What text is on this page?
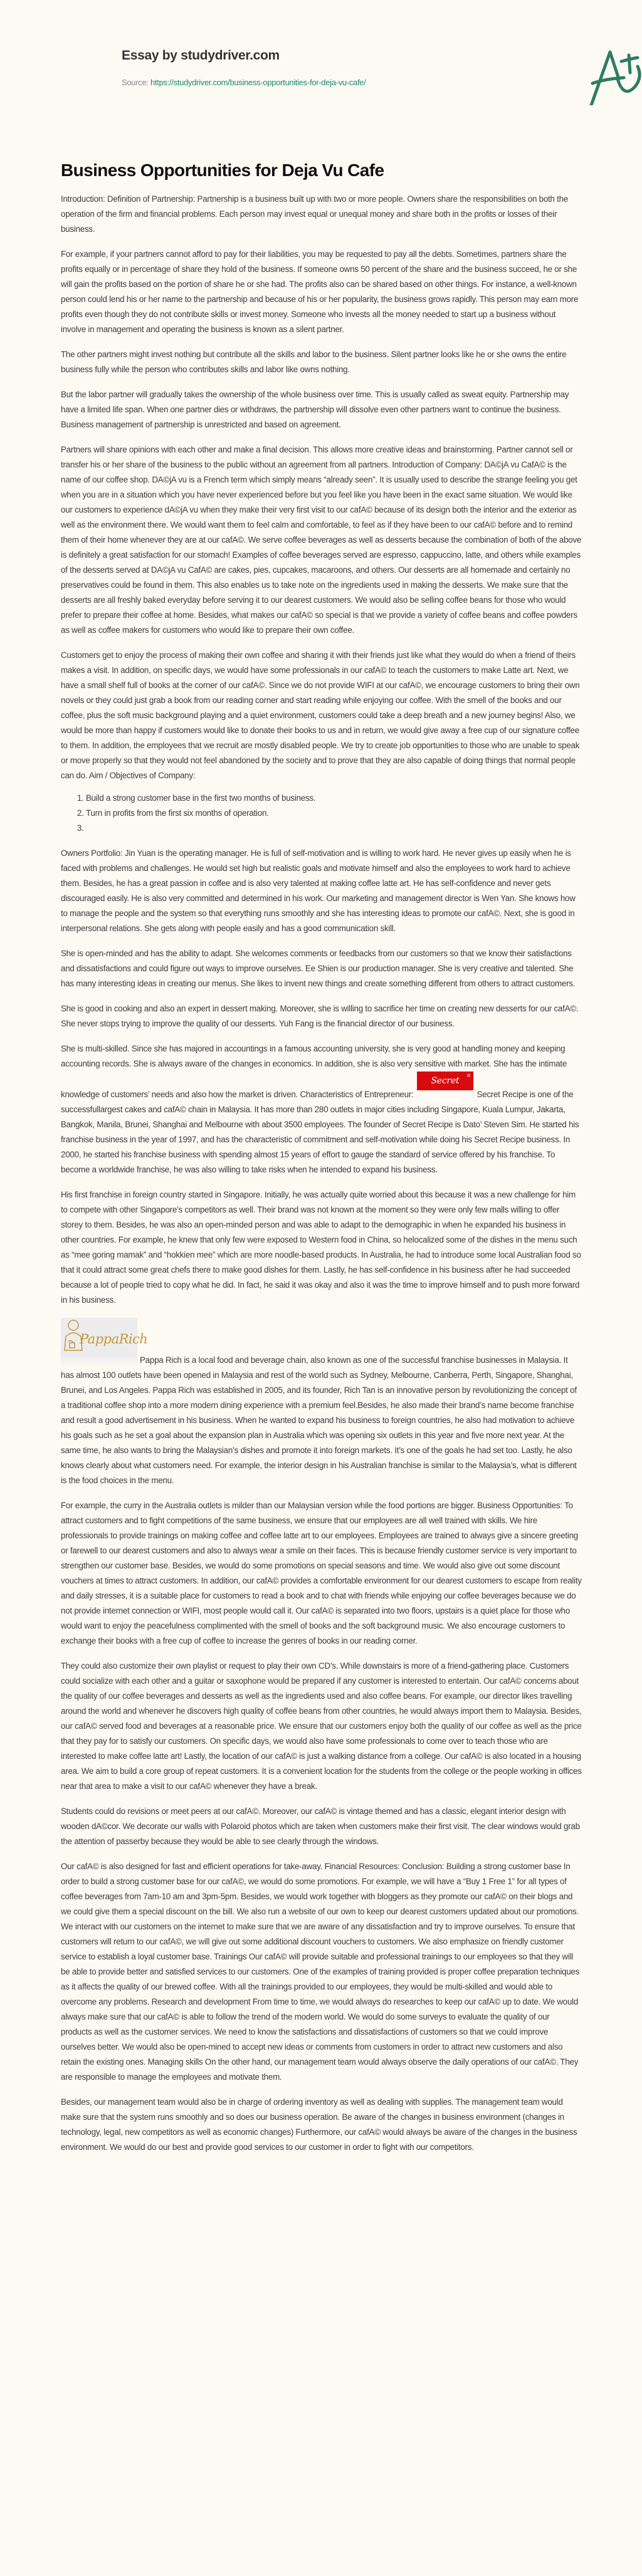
Essay by studydriver.com
Source: https://studydriver.com/business-opportunities-for-deja-vu-cafe/
Business Opportunities for Deja Vu Cafe

Introduction: Definition of Partnership: Partnership is a business built up with two or more people. Owners share the responsibilities on both the operation of the firm and financial problems. Each person may invest equal or unequal money and share both in the profits or losses of their business.

For example, if your partners cannot afford to pay for their liabilities, you may be requested to pay all the debts. Sometimes, partners share the profits equally or in percentage of share they hold of the business. If someone owns 50 percent of the share and the business succeed, he or she will gain the profits based on the portion of share he or she had. The profits also can be shared based on other things. For instance, a well-known person could lend his or her name to the partnership and because of his or her popularity, the business grows rapidly. This person may earn more profits even though they do not contribute skills or invest money. Someone who invests all the money needed to start up a business without involve in management and operating the business is known as a silent partner.

The other partners might invest nothing but contribute all the skills and labor to the business. Silent partner looks like he or she owns the entire business fully while the person who contributes skills and labor like owns nothing.

But the labor partner will gradually takes the ownership of the whole business over time. This is usually called as sweat equity. Partnership may have a limited life span. When one partner dies or withdraws, the partnership will dissolve even other partners want to continue the business. Business management of partnership is unrestricted and based on agreement.

Partners will share opinions with each other and make a final decision. This allows more creative ideas and brainstorming. Partner cannot sell or transfer his or her share of the business to the public without an agreement from all partners. Introduction of Company: DA©jA vu CafA© is the name of our coffee shop. DA©jA vu is a French term which simply means “already seen”. It is usually used to describe the strange feeling you get when you are in a situation which you have never experienced before but you feel like you have been in the exact same situation. We would like our customers to experience dA©jA vu when they make their very first visit to our cafA© because of its design both the interior and the exterior as well as the environment there. We would want them to feel calm and comfortable, to feel as if they have been to our cafA© before and to remind them of their home whenever they are at our cafA©. We serve coffee beverages as well as desserts because the combination of both of the above is definitely a great satisfaction for our stomach! Examples of coffee beverages served are espresso, cappuccino, latte, and others while examples of the desserts served at DA©jA vu CafA© are cakes, pies, cupcakes, macaroons, and others. Our desserts are all homemade and certainly no preservatives could be found in them. This also enables us to take note on the ingredients used in making the desserts. We make sure that the desserts are all freshly baked everyday before serving it to our dearest customers. We would also be selling coffee beans for those who would prefer to prepare their coffee at home. Besides, what makes our cafA© so special is that we provide a variety of coffee beans and coffee powders as well as coffee makers for customers who would like to prepare their own coffee.

Customers get to enjoy the process of making their own coffee and sharing it with their friends just like what they would do when a friend of theirs makes a visit. In addition, on specific days, we would have some professionals in our cafA© to teach the customers to make Latte art. Next, we have a small shelf full of books at the corner of our cafA©. Since we do not provide WIFI at our cafA©, we encourage customers to bring their own novels or they could just grab a book from our reading corner and start reading while enjoying our coffee. With the smell of the books and our coffee, plus the soft music background playing and a quiet environment, customers could take a deep breath and a new journey begins! Also, we would be more than happy if customers would like to donate their books to us and in return, we would give away a free cup of our signature coffee to them. In addition, the employees that we recruit are mostly disabled people. We try to create job opportunities to those who are unable to speak or move properly so that they would not feel abandoned by the society and to prove that they are also capable of doing things that normal people can do. Aim / Objectives of Company:

1. Build a strong customer base in the first two months of business.
2. Turn in profits from the first six months of operation.
3.

Owners Portfolio: Jin Yuan is the operating manager. He is full of self-motivation and is willing to work hard. He never gives up easily when he is faced with problems and challenges. He would set high but realistic goals and motivate himself and also the employees to work hard to achieve them. Besides, he has a great passion in coffee and is also very talented at making coffee latte art. He has self-confidence and never gets discouraged easily. He is also very committed and determined in his work. Our marketing and management director is Wen Yan. She knows how to manage the people and the system so that everything runs smoothly and she has interesting ideas to promote our cafA©. Next, she is good in interpersonal relations. She gets along with people easily and has a good communication skill.

She is open-minded and has the ability to adapt. She welcomes comments or feedbacks from our customers so that we know their satisfactions and dissatisfactions and could figure out ways to improve ourselves. Ee Shien is our production manager. She is very creative and talented. She has many interesting ideas in creating our menus. She likes to invent new things and create something different from others to attract customers.

She is good in cooking and also an expert in dessert making. Moreover, she is willing to sacrifice her time on creating new desserts for our cafA©. She never stops trying to improve the quality of our desserts. Yuh Fang is the financial director of our business.

She is multi-skilled. Since she has majored in accountings in a famous accounting university, she is very good at handling money and keeping accounting records. She is always aware of the changes in economics. In addition, she is also very sensitive with market. She has the intimate knowledge of customers’ needs and also how the market is driven. Characteristics of Entrepreneur: Secret Recipe
®
Secret Recipe is one of the successfullargest cakes and cafA© chain in Malaysia. It has more than 280 outlets in major cities including Singapore, Kuala Lumpur, Jakarta, Bangkok, Manila, Brunei, Shanghai and Melbourne with about 3500 employees. The founder of Secret Recipe is Dato’ Steven Sim. He started his franchise business in the year of 1997, and has the characteristic of commitment and self-motivation while doing his Secret Recipe business. In 2000, he started his franchise business with spending almost 15 years of effort to gauge the standard of service offered by his franchise. To become a worldwide franchise, he was also willing to take risks when he intended to expand his business.

His first franchise in foreign country started in Singapore. Initially, he was actually quite worried about this because it was a new challenge for him to compete with other Singapore’s competitors as well. Their brand was not known at the moment so they were only few malls willing to offer storey to them. Besides, he was also an open-minded person and was able to adapt to the demographic in when he expanded his business in other countries. For example, he knew that only few were exposed to Western food in China, so helocalized some of the dishes in the menu such as “mee goring mamak” and “hokkien mee” which are more noodle-based products. In Australia, he had to introduce some local Australian food so that it could attract some great chefs there to make good dishes for them. Lastly, he has self-confidence in his business after he had succeeded because a lot of people tried to copy what he did. In fact, he said it was okay and also it was the time to improve himself and to push more forward in his business.

PappaRich
Pappa Rich is a local food and beverage chain, also known as one of the successful franchise businesses in Malaysia. It has almost 100 outlets have been opened in Malaysia and rest of the world such as Sydney, Melbourne, Canberra, Perth, Singapore, Shanghai, Brunei, and Los Angeles. Pappa Rich was established in 2005, and its founder, Rich Tan is an innovative person by revolutionizing the concept of a traditional coffee shop into a more modern dining experience with a premium feel.Besides, he also made their brand’s name become franchise and result a good advertisement in his business. When he wanted to expand his business to foreign countries, he also had motivation to achieve his goals such as he set a goal about the expansion plan in Australia which was opening six outlets in this year and five more next year. At the same time, he also wants to bring the Malaysian’s dishes and promote it into foreign markets. It’s one of the goals he had set too. Lastly, he also knows clearly about what customers need. For example, the interior design in his Australian franchise is similar to the Malaysia’s, what is different is the food choices in the menu.

For example, the curry in the Australia outlets is milder than our Malaysian version while the food portions are bigger. Business Opportunities: To attract customers and to fight competitions of the same business, we ensure that our employees are all well trained with skills. We hire professionals to provide trainings on making coffee and coffee latte art to our employees. Employees are trained to always give a sincere greeting or farewell to our dearest customers and also to always wear a smile on their faces. This is because friendly customer service is very important to strengthen our customer base. Besides, we would do some promotions on special seasons and time. We would also give out some discount vouchers at times to attract customers. In addition, our cafA© provides a comfortable environment for our dearest customers to escape from reality and daily stresses, it is a suitable place for customers to read a book and to chat with friends while enjoying our coffee beverages because we do not provide internet connection or WIFI, most people would call it. Our cafA© is separated into two floors, upstairs is a quiet place for those who would want to enjoy the peacefulness complimented with the smell of books and the soft background music. We also encourage customers to exchange their books with a free cup of coffee to increase the genres of books in our reading corner.

They could also customize their own playlist or request to play their own CD’s. While downstairs is more of a friend-gathering place. Customers could socialize with each other and a guitar or saxophone would be prepared if any customer is interested to entertain. Our cafA© concerns about the quality of our coffee beverages and desserts as well as the ingredients used and also coffee beans. For example, our director likes travelling around the world and whenever he discovers high quality of coffee beans from other countries, he would always import them to Malaysia. Besides, our cafA© served food and beverages at a reasonable price. We ensure that our customers enjoy both the quality of our coffee as well as the price that they pay for to satisfy our customers. On specific days, we would also have some professionals to come over to teach those who are interested to make coffee latte art! Lastly, the location of our cafA© is just a walking distance from a college. Our cafA© is also located in a housing area. We aim to build a core group of repeat customers. It is a convenient location for the students from the college or the people working in offices near that area to make a visit to our cafA© whenever they have a break.

Students could do revisions or meet peers at our cafA©. Moreover, our cafA© is vintage themed and has a classic, elegant interior design with wooden dA©cor. We decorate our walls with Polaroid photos which are taken when customers make their first visit. The clear windows would grab the attention of passerby because they would be able to see clearly through the windows.

Our cafA© is also designed for fast and efficient operations for take-away. Financial Resources: Conclusion: Building a strong customer base In order to build a strong customer base for our cafA©, we would do some promotions. For example, we will have a “Buy 1 Free 1” for all types of coffee beverages from 7am-10 am and 3pm-5pm. Besides, we would work together with bloggers as they promote our cafA© on their blogs and we could give them a special discount on the bill. We also run a website of our own to keep our dearest customers updated about our promotions. We interact with our customers on the internet to make sure that we are aware of any dissatisfaction and try to improve ourselves. To ensure that customers will return to our cafA©, we will give out some additional discount vouchers to customers. We also emphasize on friendly customer service to establish a loyal customer base. Trainings Our cafA© will provide suitable and professional trainings to our employees so that they will be able to provide better and satisfied services to our customers. One of the examples of training provided is proper coffee preparation techniques as it affects the quality of our brewed coffee. With all the trainings provided to our employees, they would be multi-skilled and would able to overcome any problems. Research and development From time to time, we would always do researches to keep our cafA© up to date. We would always make sure that our cafA© is able to follow the trend of the modern world. We would do some surveys to evaluate the quality of our products as well as the customer services. We need to know the satisfactions and dissatisfactions of customers so that we could improve ourselves better. We would also be open-mined to accept new ideas or comments from customers in order to attract new customers and also retain the existing ones. Managing skills On the other hand, our management team would always observe the daily operations of our cafA©. They are responsible to manage the employees and motivate them.

Besides, our management team would also be in charge of ordering inventory as well as dealing with supplies. The management team would make sure that the system runs smoothly and so does our business operation. Be aware of the changes in business environment (changes in technology, legal, new competitors as well as economic changes) Furthermore, our cafA© would always be aware of the changes in the business environment. We would do our best and provide good services to our customer in order to fight with our competitors.
